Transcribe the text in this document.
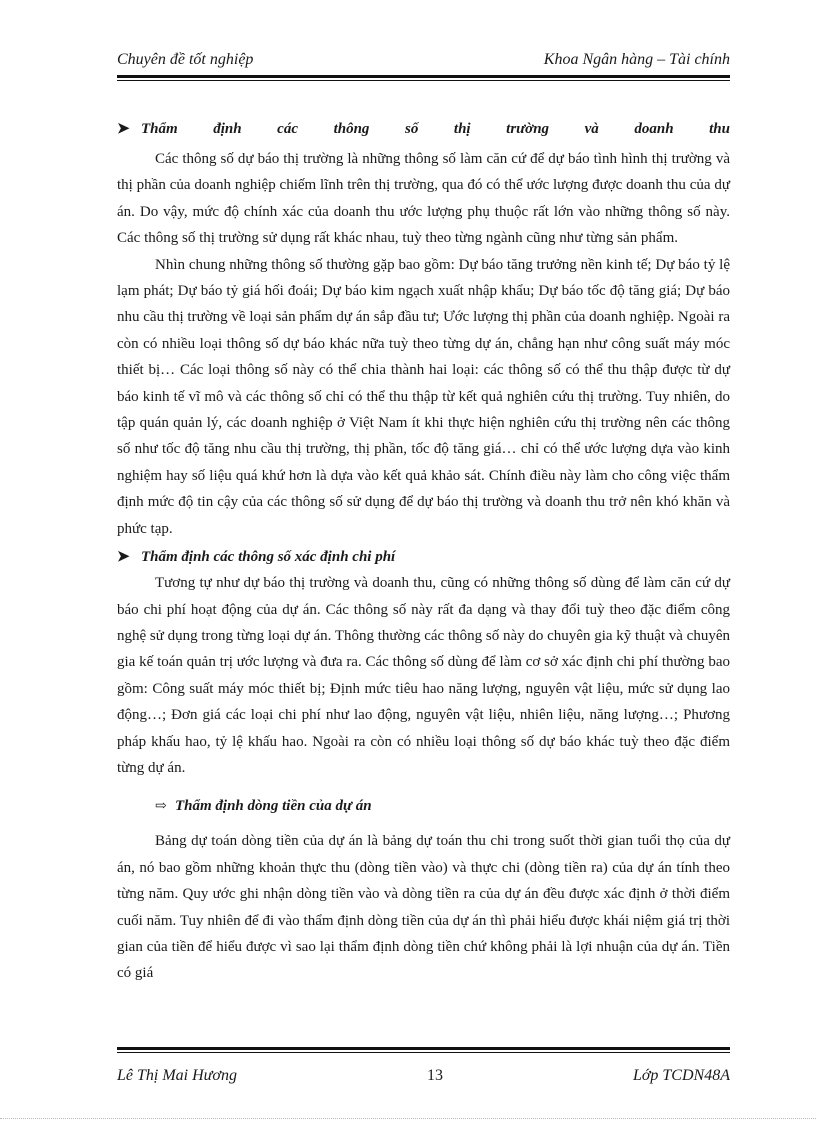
Chuyên đề tốt nghiệp	Khoa Ngân hàng – Tài chính
➤ Thẩm định các thông số thị trường và doanh thu

Các thông số dự báo thị trường là những thông số làm căn cứ để dự báo tình hình thị trường và thị phần của doanh nghiệp chiếm lĩnh trên thị trường, qua đó có thể ước lượng được doanh thu của dự án. Do vậy, mức độ chính xác của doanh thu ước lượng phụ thuộc rất lớn vào những thông số này. Các thông số thị trường sử dụng rất khác nhau, tuỳ theo từng ngành cũng như từng sản phẩm.

Nhìn chung những thông số thường gặp bao gồm: Dự báo tăng trưởng nền kinh tế; Dự báo tỷ lệ lạm phát; Dự báo tỷ giá hối đoái; Dự báo kim ngạch xuất nhập khẩu; Dự báo tốc độ tăng giá; Dự báo nhu cầu thị trường về loại sản phẩm dự án sắp đầu tư; Ước lượng thị phần của doanh nghiệp. Ngoài ra còn có nhiều loại thông số dự báo khác nữa tuỳ theo từng dự án, chẳng hạn như công suất máy móc thiết bị… Các loại thông số này có thể chia thành hai loại: các thông số có thể thu thập được từ dự báo kinh tế vĩ mô và các thông số chỉ có thể thu thập từ kết quả nghiên cứu thị trường. Tuy nhiên, do tập quán quản lý, các doanh nghiệp ở Việt Nam ít khi thực hiện nghiên cứu thị trường nên các thông số như tốc độ tăng nhu cầu thị trường, thị phần, tốc độ tăng giá… chỉ có thể ước lượng dựa vào kinh nghiệm hay số liệu quá khứ hơn là dựa vào kết quả khảo sát. Chính điều này làm cho công việc thẩm định mức độ tin cậy của các thông số sử dụng để dự báo thị trường và doanh thu trở nên khó khăn và phức tạp.

➤ Thẩm định các thông số xác định chi phí

Tương tự như dự báo thị trường và doanh thu, cũng có những thông số dùng để làm căn cứ dự báo chi phí hoạt động của dự án. Các thông số này rất đa dạng và thay đổi tuỳ theo đặc điểm công nghệ sử dụng trong từng loại dự án. Thông thường các thông số này do chuyên gia kỹ thuật và chuyên gia kế toán quản trị ước lượng và đưa ra. Các thông số dùng để làm cơ sở xác định chi phí thường bao gồm: Công suất máy móc thiết bị; Định mức tiêu hao năng lượng, nguyên vật liệu, mức sử dụng lao động…; Đơn giá các loại chi phí như lao động, nguyên vật liệu, nhiên liệu, năng lượng…; Phương pháp khấu hao, tỷ lệ khấu hao. Ngoài ra còn có nhiều loại thông số dự báo khác tuỳ theo đặc điểm từng dự án.

⇨ Thẩm định dòng tiền của dự án

Bảng dự toán dòng tiền của dự án là bảng dự toán thu chi trong suốt thời gian tuổi thọ của dự án, nó bao gồm những khoản thực thu (dòng tiền vào) và thực chi (dòng tiền ra) của dự án tính theo từng năm. Quy ước ghi nhận dòng tiền vào và dòng tiền ra của dự án đều được xác định ở thời điểm cuối năm. Tuy nhiên để đi vào thẩm định dòng tiền của dự án thì phải hiểu được khái niệm giá trị thời gian của tiền để hiểu được vì sao lại thẩm định dòng tiền chứ không phải là lợi nhuận của dự án. Tiền có giá

Lê Thị Mai Hương	13	Lớp TCDN48A
